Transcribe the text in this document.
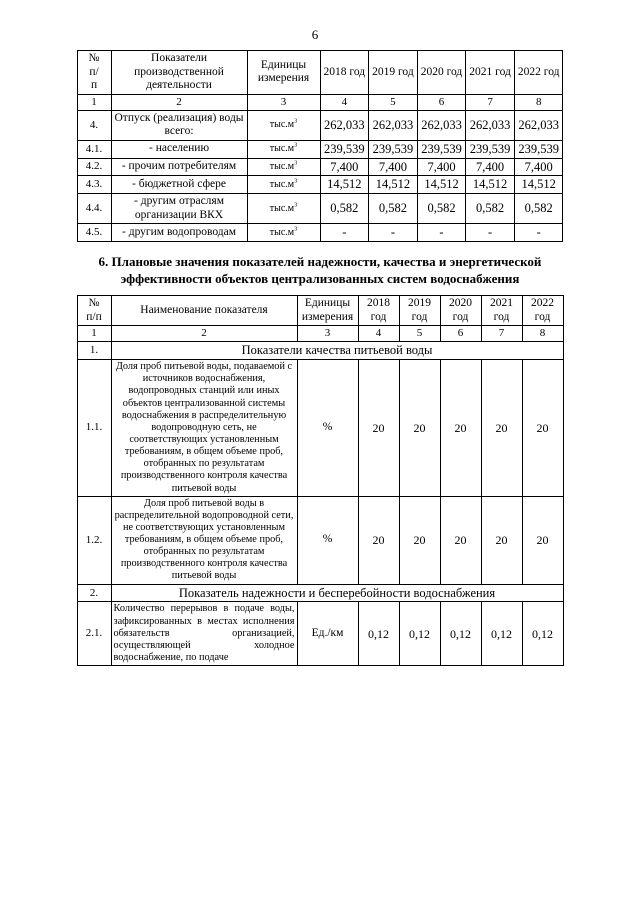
6
№
п/
п	Показатели производственной деятельности	Единицы измерения	2018 год	2019 год	2020 год	2021 год	2022 год
1	2	3	4	5	6	7	8
4.	Отпуск (реализация) воды всего:	$тыс.м^3$	262,033	262,033	262,033	262,033	262,033
4.1.	- населению	$тыс.м^3$	239,539	239,539	239,539	239,539	239,539
4.2.	- прочим потребителям	$тыс.м^3$	7,400	7,400	7,400	7,400	7,400
4.3.	- бюджетной сфере	$тыс.м^3$	14,512	14,512	14,512	14,512	14,512
4.4.	- другим отраслям организации ВКХ	$тыс.м^3$	0,582	0,582	0,582	0,582	0,582
4.5.	- другим водопроводам	$тыс.м^3$	-	-	-	-	-
6. Плановые значения показателей надежности, качества и энергетической эффективности объектов централизованных систем водоснабжения
№
п/п	Наименование показателя	Единицы измерения	2018 год	2019 год	2020 год	2021 год	2022 год
1	2	3	4	5	6	7	8
1.	Показатели качества питьевой воды						
1.1.	Доля проб питьевой воды, подаваемой с источников водоснабжения, водопроводных станций или иных объектов централизованной системы водоснабжения в распределительную водопроводную сеть, не соответствующих установленным требованиям, в общем объеме проб, отобранных по результатам производственного контроля качества питьевой воды	%	20	20	20	20	20
1.2.	Доля проб питьевой воды в распределительной водопроводной сети, не соответствующих установленным требованиям, в общем объеме проб, отобранных по результатам производственного контроля качества питьевой воды	%	20	20	20	20	20
2.	Показатель надежности и бесперебойности водоснабжения						
2.1.	Количество перерывов в подаче воды, зафиксированных в местах исполнения обязательств организацией, осуществляющей холодное водоснабжение, по подаче	Ед./км	0,12	0,12	0,12	0,12	0,12
